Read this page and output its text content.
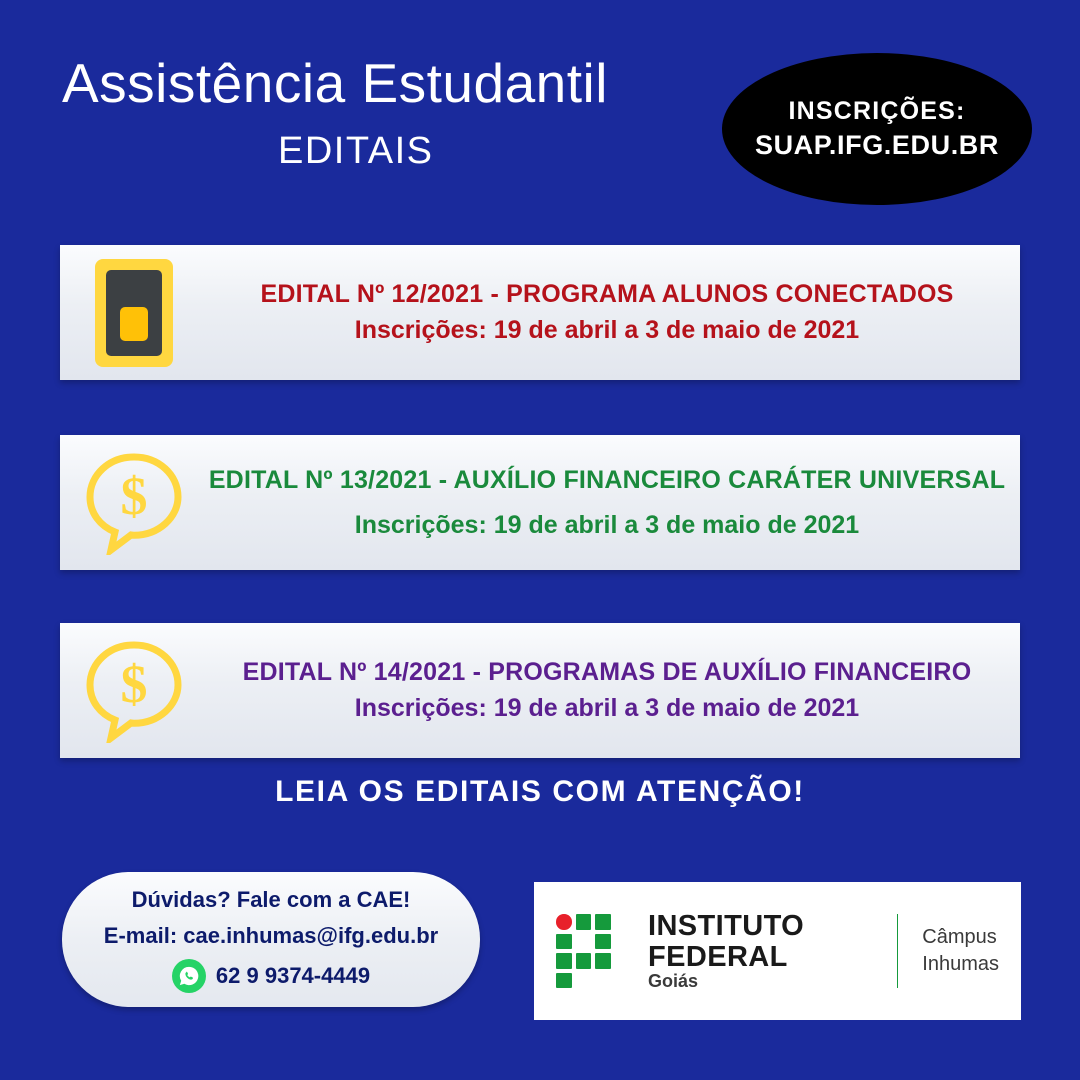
Assistência Estudantil
EDITAIS
INSCRIÇÕES:
SUAP.IFG.EDU.BR
EDITAL Nº 12/2021 - PROGRAMA ALUNOS CONECTADOS
Inscrições: 19 de abril a 3 de maio de 2021
$ EDITAL Nº 13/2021 - AUXÍLIO FINANCEIRO CARÁTER UNIVERSAL
Inscrições: 19 de abril a 3 de maio de 2021
$	EDITAL Nº 14/2021 - PROGRAMAS DE AUXÍLIO FINANCEIRO
Inscrições: 19 de abril a 3 de maio de 2021
LEIA OS EDITAIS COM ATENÇÃO!
Dúvidas? Fale com a CAE!
E-mail: cae.inhumas@ifg.edu.br
62 9 9374-4449
INSTITUTO FEDERAL
Goiás
Câmpus
Inhumas
